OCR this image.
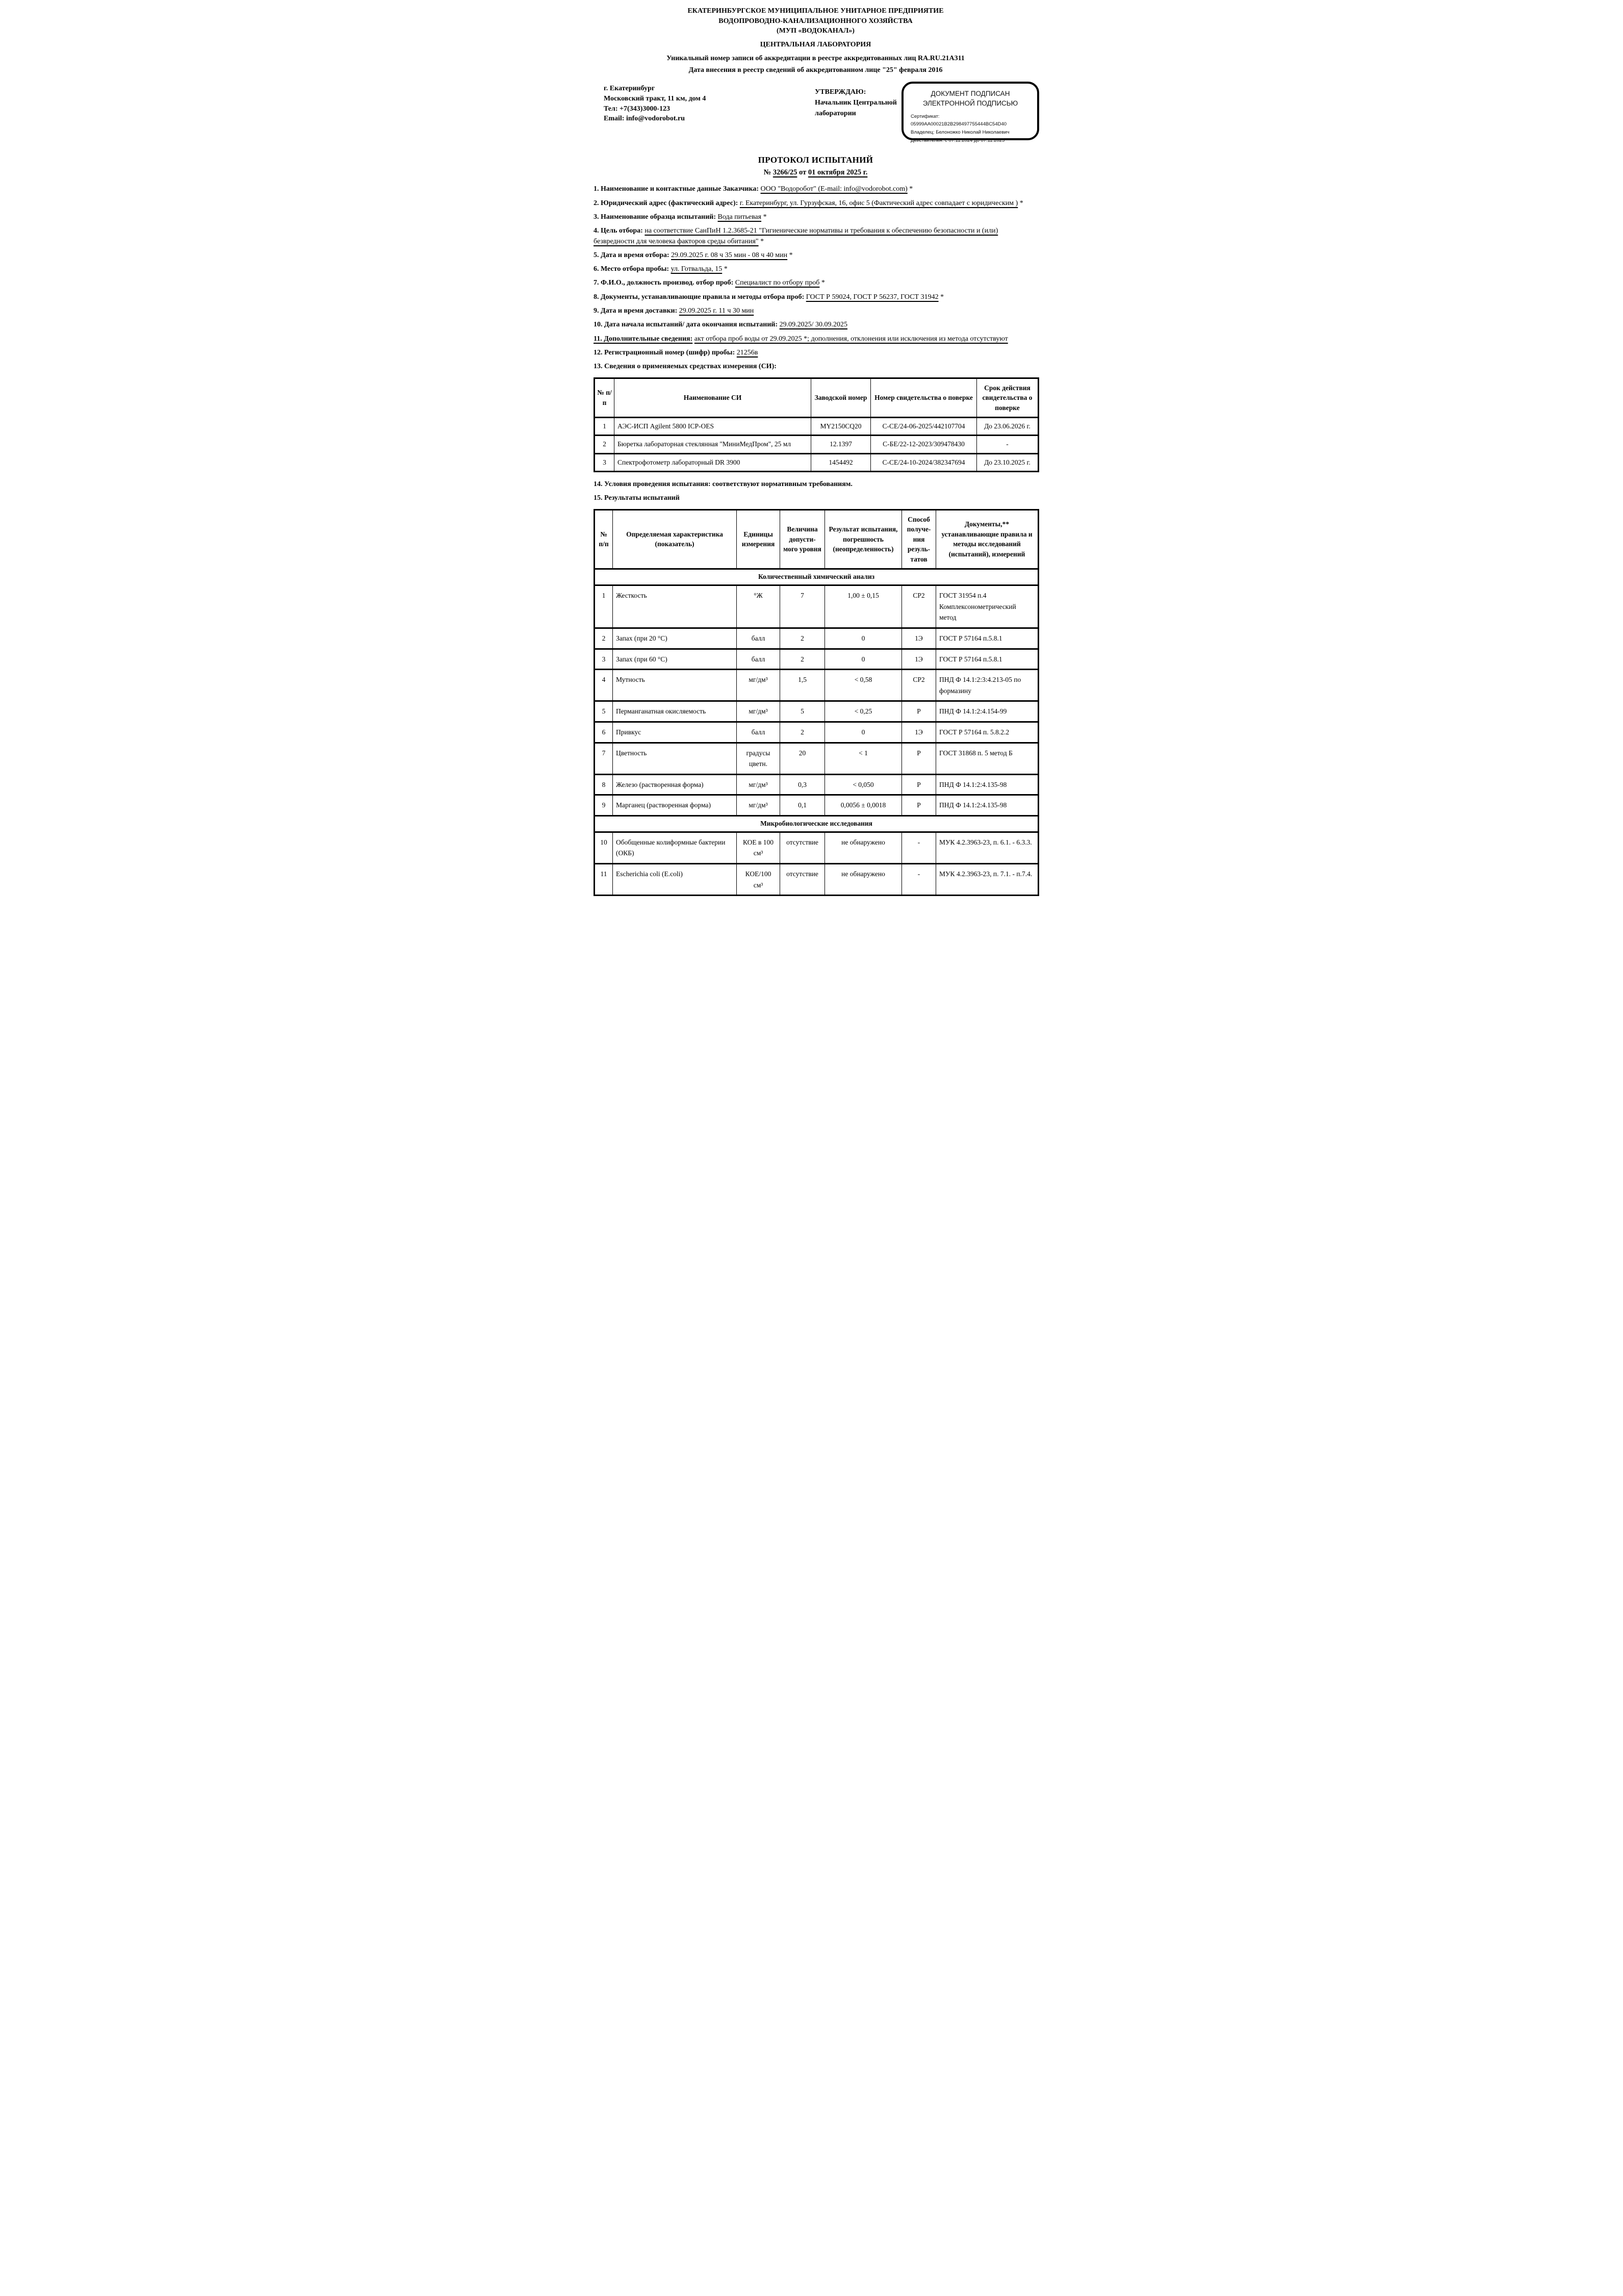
ЕКАТЕРИНБУРГСКОЕ МУНИЦИПАЛЬНОЕ УНИТАРНОЕ ПРЕДПРИЯТИЕ
ВОДОПРОВОДНО-КАНАЛИЗАЦИОННОГО ХОЗЯЙСТВА
(МУП «ВОДОКАНАЛ»)
ЦЕНТРАЛЬНАЯ ЛАБОРАТОРИЯ
Уникальный номер записи об аккредитации в реестре аккредитованных лиц RA.RU.21A311
Дата внесения в реестр сведений об аккредитованном лице "25" февраля 2016
г. Екатеринбург
Московский тракт, 11 км, дом 4
Тел: +7(343)3000-123
Email: info@vodorobot.ru
УТВЕРЖДАЮ:
Начальник Центральной
лаборатории
ДОКУМЕНТ ПОДПИСАН
ЭЛЕКТРОННОЙ ПОДПИСЬЮ
Сертификат: 05999AA00021B2B298497755444BC54D40
Владелец: Белоножко Николай Николаевич
Действителен: с 07.11.2024 до 07.11.2025
ПРОТОКОЛ ИСПЫТАНИЙ
№ 3266/25 от 01 октября 2025 г.

1. Наименование и контактные данные Заказчика: ООО "Водоробот" (E-mail: info@vodorobot.com) *

2. Юридический адрес (фактический адрес): г. Екатеринбург, ул. Гурзуфская, 16, офис 5 (Фактический адрес совпадает с юридическим ) *

3. Наименование образца испытаний: Вода питьевая *

4. Цель отбора: на соответствие СанПиН 1.2.3685-21 "Гигиенические нормативы и требования к обеспечению безопасности и (или) безвредности для человека факторов среды обитания" *

5. Дата и время отбора: 29.09.2025 г. 08 ч 35 мин - 08 ч 40 мин *

6. Место отбора пробы: ул. Готвальда, 15 *

7. Ф.И.О., должность производ. отбор проб: Специалист по отбору проб *

8. Документы, устанавливающие правила и методы отбора проб: ГОСТ Р 59024, ГОСТ Р 56237, ГОСТ 31942 *

9. Дата и время доставки: 29.09.2025 г. 11 ч 30 мин

10. Дата начала испытаний/ дата окончания испытаний: 29.09.2025/ 30.09.2025

11. Дополнительные сведения: акт отбора проб воды от 29.09.2025 *; дополнения, отклонения или исключения из метода отсутствуют

12. Регистрационный номер (шифр) пробы: 21256в

13. Сведения о применяемых средствах измерения (СИ):

№ п/п	Наименование СИ	Заводской номер	Номер свидетельства о поверке	Срок действия свидетельства о поверке
1	АЭС-ИСП Agilent 5800 ICP-OES	MY2150CQ20	С-СЕ/24-06-2025/442107704	До 23.06.2026 г.
2	Бюретка лабораторная стеклянная "МиниМедПром", 25 мл	12.1397	С-БЕ/22-12-2023/309478430	-
3	Спектрофотометр лабораторный DR 3900	1454492	С-СЕ/24-10-2024/382347694	До 23.10.2025 г.

14. Условия проведения испытания: соответствуют нормативным требованиям.

15. Результаты испытаний

№ п/п	Определяемая характеристика (показатель)	Единицы измерения	Величина допусти-мого уровня	Результат испытания, погрешность (неопределенность)	Способ получе-ния резуль-татов	Документы,** устанавливающие правила и методы исследований (испытаний), измерений
Количественный химический анализ						
1	Жесткость	°Ж	7	1,00 ± 0,15	СР2	ГОСТ 31954 п.4 Комплексонометрический метод
2	Запах (при 20 °С)	балл	2	0	1Э	ГОСТ Р 57164 п.5.8.1
3	Запах (при 60 °С)	балл	2	0	1Э	ГОСТ Р 57164 п.5.8.1
4	Мутность	мг/дм³	1,5	< 0,58	СР2	ПНД Ф 14.1:2:3:4.213-05 по формазину
5	Перманганатная окисляемость	мг/дм³	5	< 0,25	Р	ПНД Ф 14.1:2:4.154-99
6	Привкус	балл	2	0	1Э	ГОСТ Р 57164 п. 5.8.2.2
7	Цветность	градусы цветн.	20	< 1	Р	ГОСТ 31868 п. 5 метод Б
8	Железо (растворенная форма)	мг/дм³	0,3	< 0,050	Р	ПНД Ф 14.1:2:4.135-98
9	Марганец (растворенная форма)	мг/дм³	0,1	0,0056 ± 0,0018	Р	ПНД Ф 14.1:2:4.135-98
Микробиологические исследования						
10	Обобщенные колиформные бактерии (ОКБ)	КОЕ в 100 см³	отсутствие	не обнаружено	-	МУК 4.2.3963-23, п. 6.1. - 6.3.3.
11	Escherichia coli (E.coli)	КОЕ/100 см³	отсутствие	не обнаружено	-	МУК 4.2.3963-23, п. 7.1. - п.7.4.
